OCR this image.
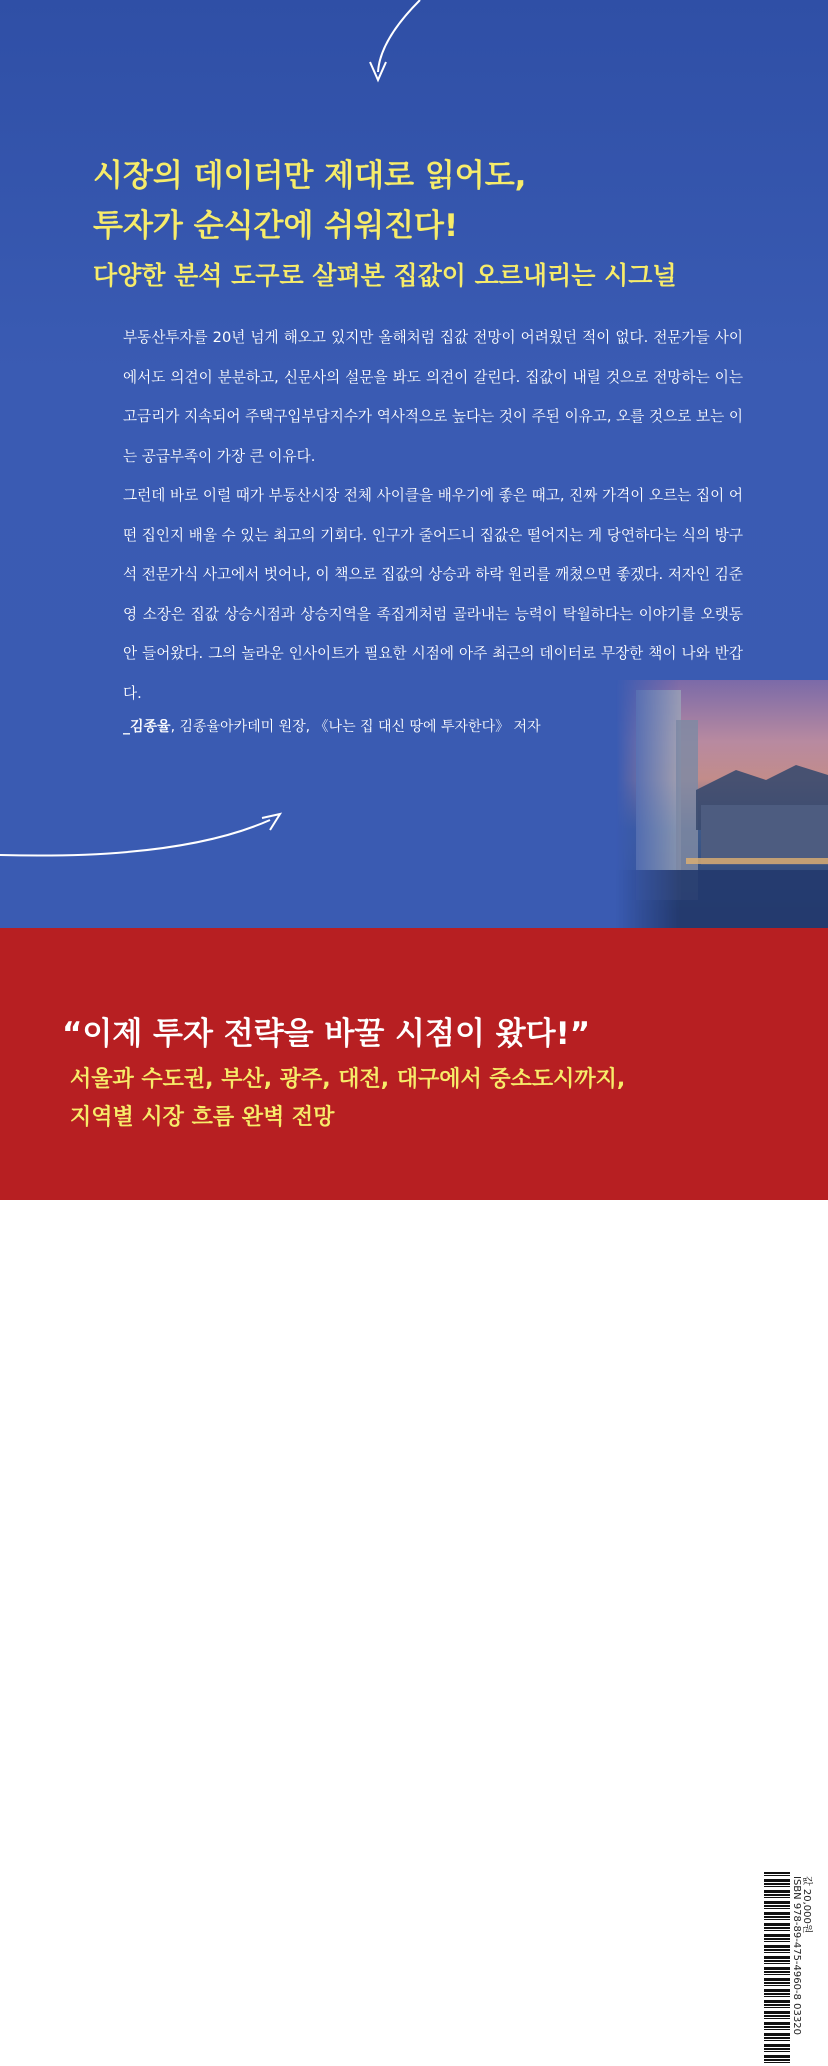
시장의 데이터만 제대로 읽어도,
투자가 순식간에 쉬워진다!
다양한 분석 도구로 살펴본 집값이 오르내리는 시그널

부동산투자를 20년 넘게 해오고 있지만 올해처럼 집값 전망이 어려웠던 적이 없다. 전문가들 사이에서도 의견이 분분하고, 신문사의 설문을 봐도 의견이 갈린다. 집값이 내릴 것으로 전망하는 이는 고금리가 지속되어 주택구입부담지수가 역사적으로 높다는 것이 주된 이유고, 오를 것으로 보는 이는 공급부족이 가장 큰 이유다.

그런데 바로 이럴 때가 부동산시장 전체 사이클을 배우기에 좋은 때고, 진짜 가격이 오르는 집이 어떤 집인지 배울 수 있는 최고의 기회다. 인구가 줄어드니 집값은 떨어지는 게 당연하다는 식의 방구석 전문가식 사고에서 벗어나, 이 책으로 집값의 상승과 하락 원리를 깨쳤으면 좋겠다. 저자인 김준영 소장은 집값 상승시점과 상승지역을 족집게처럼 골라내는 능력이 탁월하다는 이야기를 오랫동안 들어왔다. 그의 놀라운 인사이트가 필요한 시점에 아주 최근의 데이터로 무장한 책이 나와 반갑다.

_김종율, 김종율아카데미 원장, 《나는 집 대신 땅에 투자한다》 저자
ISBN 978-89-475-4960-8 03320 값 20,000원
“이제 투자 전략을 바꿀 시점이 왔다!”
서울과 수도권, 부산, 광주, 대전, 대구에서 중소도시까지,
지역별 시장 흐름 완벽 전망
